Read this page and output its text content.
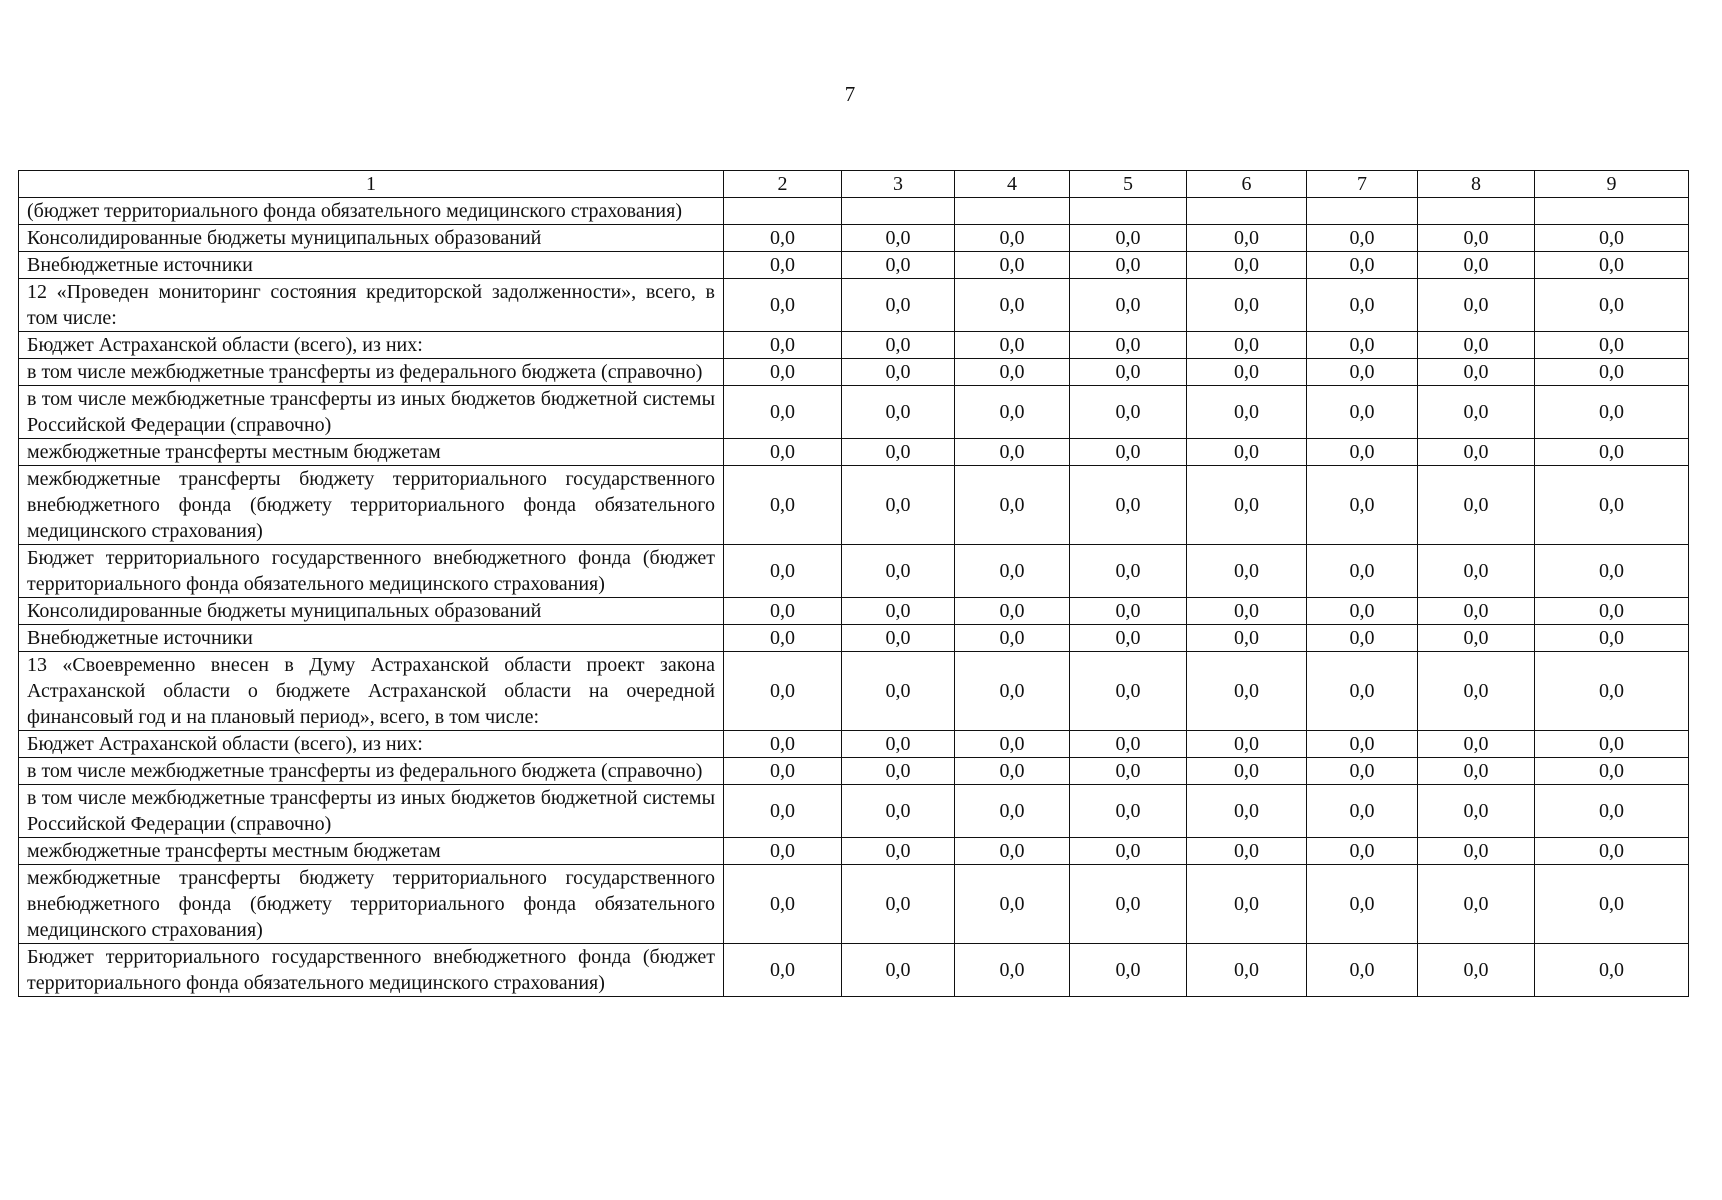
7
1	2	3	4	5	6	7	8	9
(бюджет территориального фонда обязательного медицинского страхования)								
Консолидированные бюджеты муниципальных образований	0,0	0,0	0,0	0,0	0,0	0,0	0,0	0,0
Внебюджетные источники	0,0	0,0	0,0	0,0	0,0	0,0	0,0	0,0
12 «Проведен мониторинг состояния кредиторской задолженности», всего, в том числе:	0,0	0,0	0,0	0,0	0,0	0,0	0,0	0,0
Бюджет Астраханской области (всего), из них:	0,0	0,0	0,0	0,0	0,0	0,0	0,0	0,0
в том числе межбюджетные трансферты из федерального бюджета (справочно)	0,0	0,0	0,0	0,0	0,0	0,0	0,0	0,0
в том числе межбюджетные трансферты из иных бюджетов бюджетной системы Российской Федерации (справочно)	0,0	0,0	0,0	0,0	0,0	0,0	0,0	0,0
межбюджетные трансферты местным бюджетам	0,0	0,0	0,0	0,0	0,0	0,0	0,0	0,0
межбюджетные трансферты бюджету территориального государственного внебюджетного фонда (бюджету территориального фонда обязательного медицинского страхования)	0,0	0,0	0,0	0,0	0,0	0,0	0,0	0,0
Бюджет территориального государственного внебюджетного фонда (бюджет территориального фонда обязательного медицинского страхования)	0,0	0,0	0,0	0,0	0,0	0,0	0,0	0,0
Консолидированные бюджеты муниципальных образований	0,0	0,0	0,0	0,0	0,0	0,0	0,0	0,0
Внебюджетные источники	0,0	0,0	0,0	0,0	0,0	0,0	0,0	0,0
13 «Своевременно внесен в Думу Астраханской области проект закона Астраханской области о бюджете Астраханской области на очередной финансовый год и на плановый период», всего, в том числе:	0,0	0,0	0,0	0,0	0,0	0,0	0,0	0,0
Бюджет Астраханской области (всего), из них:	0,0	0,0	0,0	0,0	0,0	0,0	0,0	0,0
в том числе межбюджетные трансферты из федерального бюджета (справочно)	0,0	0,0	0,0	0,0	0,0	0,0	0,0	0,0
в том числе межбюджетные трансферты из иных бюджетов бюджетной системы Российской Федерации (справочно)	0,0	0,0	0,0	0,0	0,0	0,0	0,0	0,0
межбюджетные трансферты местным бюджетам	0,0	0,0	0,0	0,0	0,0	0,0	0,0	0,0
межбюджетные трансферты бюджету территориального государственного внебюджетного фонда (бюджету территориального фонда обязательного медицинского страхования)	0,0	0,0	0,0	0,0	0,0	0,0	0,0	0,0
Бюджет территориального государственного внебюджетного фонда (бюджет территориального фонда обязательного медицинского страхования)	0,0	0,0	0,0	0,0	0,0	0,0	0,0	0,0
